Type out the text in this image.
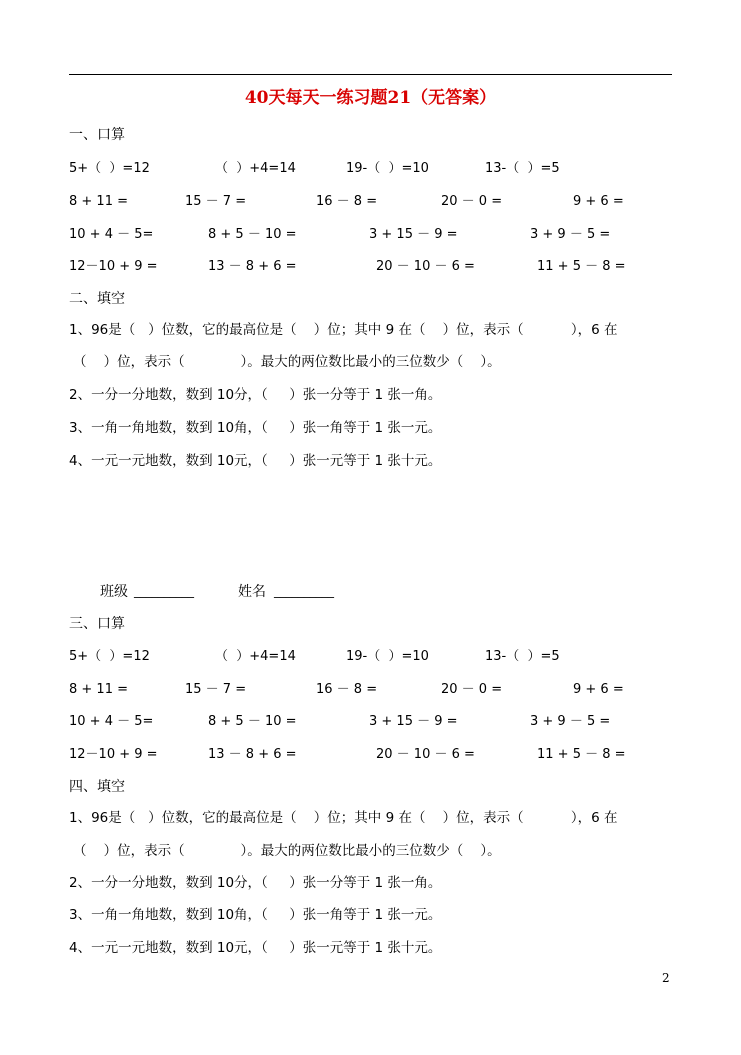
40天每天一练习题21（无答案）
一、口算
5+（  ）=12	（  ）+4=14	19-（  ）=10	13-（  ）=5
8 + 11 =	15 － 7 =	16 － 8 =	20 － 0 =	9 + 6 =
10 + 4 － 5=	8 + 5 － 10 =	3 + 15 － 9 =	3 + 9 － 5 =
12－10 + 9 =	13 － 8 + 6 =	20 － 10 － 6 =	11 + 5 － 8 =
二、填空
1、96是（   ）位数，它的最高位是（    ）位；其中 9 在（    ）位，表示（           ），6 在
（    ）位，表示（             ）。最大的两位数比最小的三位数少（    ）。
2、一分一分地数，数到 10分，（     ）张一分等于 1 张一角。
3、一角一角地数，数到 10角，（     ）张一角等于 1 张一元。
4、一元一元地数，数到 10元，（     ）张一元等于 1 张十元。
班级 __________	姓名 __________
三、口算
5+（  ）=12	（  ）+4=14	19-（  ）=10	13-（  ）=5
8 + 11 =	15 － 7 =	16 － 8 =	20 － 0 =	9 + 6 =
10 + 4 － 5=	8 + 5 － 10 =	3 + 15 － 9 =	3 + 9 － 5 =
12－10 + 9 =	13 － 8 + 6 =	20 － 10 － 6 =	11 + 5 － 8 =
四、填空
1、96是（   ）位数，它的最高位是（    ）位；其中 9 在（    ）位，表示（           ），6 在
（    ）位，表示（             ）。最大的两位数比最小的三位数少（    ）。
2、一分一分地数，数到 10分，（     ）张一分等于 1 张一角。
3、一角一角地数，数到 10角，（     ）张一角等于 1 张一元。
4、一元一元地数，数到 10元，（     ）张一元等于 1 张十元。
2
